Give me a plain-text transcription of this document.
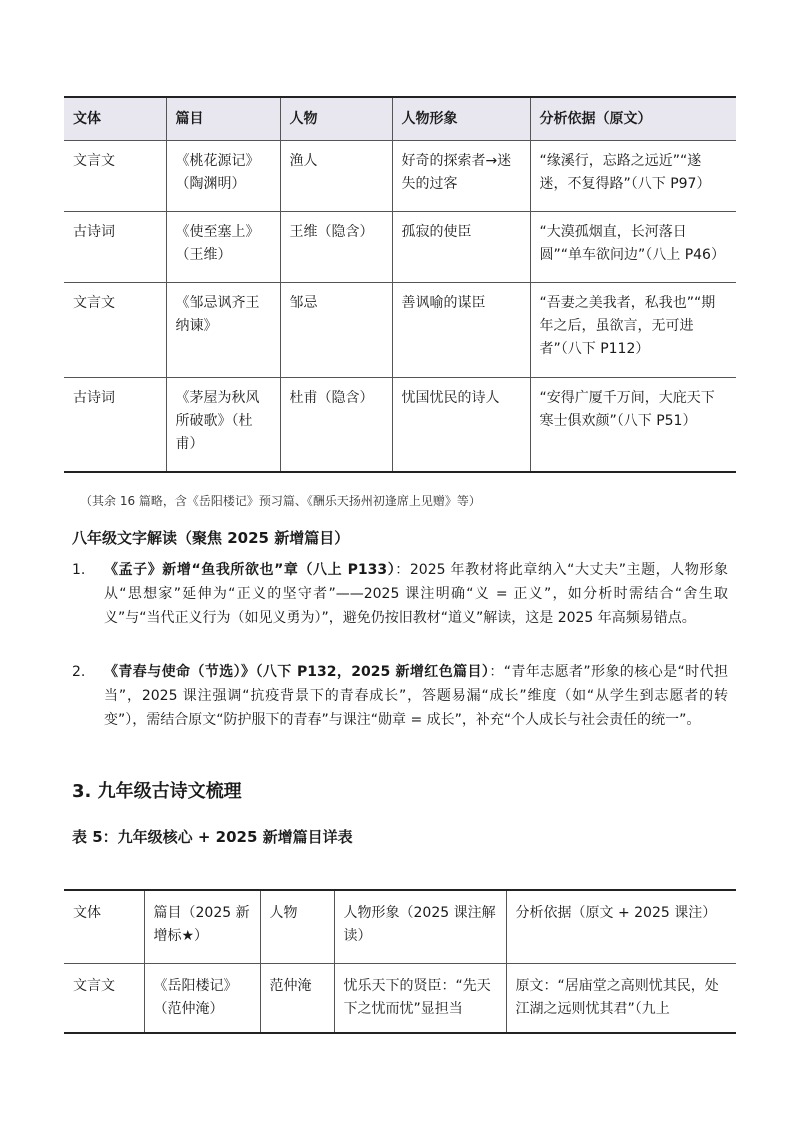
文体	篇目	人物	人物形象	分析依据（原文）
文言文	《桃花源记》（陶渊明）	渔人	好奇的探索者→迷失的过客	“缘溪行，忘路之远近”“遂迷，不复得路”（八下 P97）
古诗词	《使至塞上》（王维）	王维（隐含）	孤寂的使臣	“大漠孤烟直，长河落日圆”“单车欲问边”（八上 P46）
文言文	《邹忌讽齐王纳谏》	邹忌	善讽喻的谋臣	“吾妻之美我者，私我也”“期年之后，虽欲言，无可进者”（八下 P112）
古诗词	《茅屋为秋风所破歌》（杜甫）	杜甫（隐含）	忧国忧民的诗人	“安得广厦千万间，大庇天下寒士俱欢颜”（八下 P51）
（其余 16 篇略，含《岳阳楼记》预习篇、《酬乐天扬州初逢席上见赠》等）
八年级文字解读（聚焦 2025 新增篇目）
1. 《孟子》新增“鱼我所欲也”章（八上 P133）：2025 年教材将此章纳入“大丈夫”主题，人物形象从“思想家”延伸为“正义的坚守者”——2025 课注明确“义 = 正义”，如分析时需结合“舍生取义”与“当代正义行为（如见义勇为）”，避免仍按旧教材“道义”解读，这是 2025 年高频易错点。
2. 《青春与使命（节选）》（八下 P132，2025 新增红色篇目）：“青年志愿者”形象的核心是“时代担当”，2025 课注强调“抗疫背景下的青春成长”，答题易漏“成长”维度（如“从学生到志愿者的转变”），需结合原文“防护服下的青春”与课注“勋章 = 成长”，补充“个人成长与社会责任的统一”。
3. 九年级古诗文梳理
表 5：九年级核心 + 2025 新增篇目详表
文体	篇目（2025 新增标★）	人物	人物形象（2025 课注解读）	分析依据（原文 + 2025 课注）
文言文	《岳阳楼记》（范仲淹）	范仲淹	忧乐天下的贤臣：“先天下之忧而忧”显担当	原文：“居庙堂之高则忧其民，处江湖之远则忧其君”（九上
